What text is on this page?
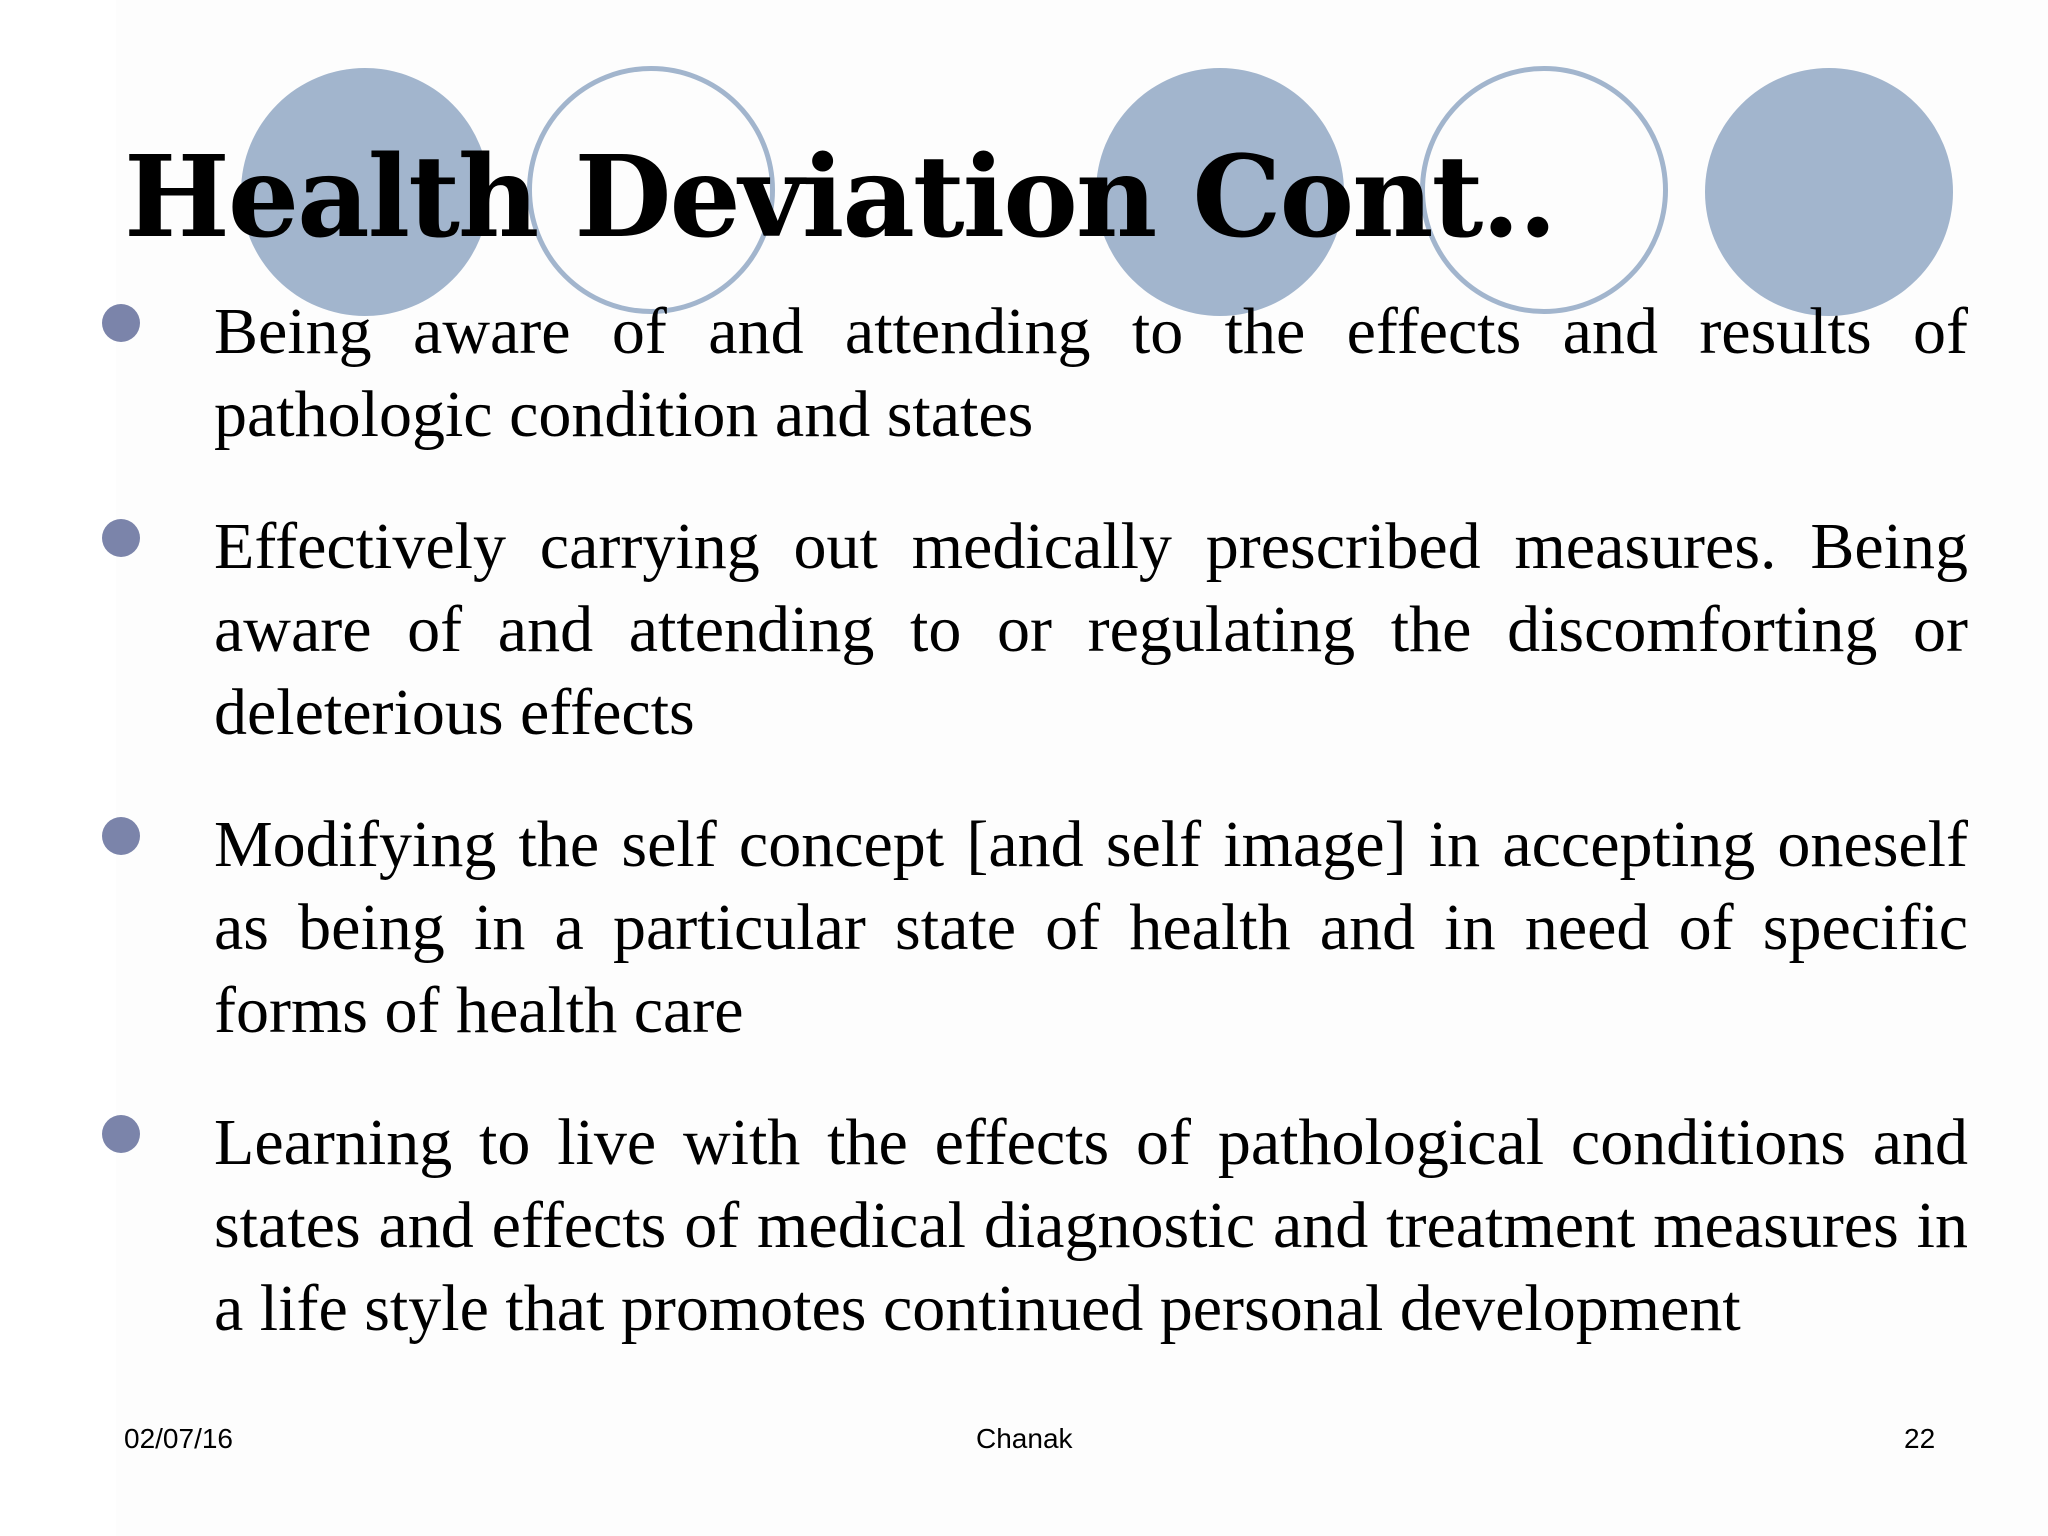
Health Deviation Cont..
Being aware of and attending to the effects and results of pathologic condition and states
Effectively carrying out medically prescribed measures. Being aware of and attending to or regulating the discomforting or deleterious effects
Modifying the self concept [and self image] in accepting oneself as being in a particular state of health and in need of specific forms of health care
Learning to live with the effects of pathological conditions and states and effects of medical diagnostic and treatment measures in a life style that promotes continued personal development
02/07/16	Chanak	22
